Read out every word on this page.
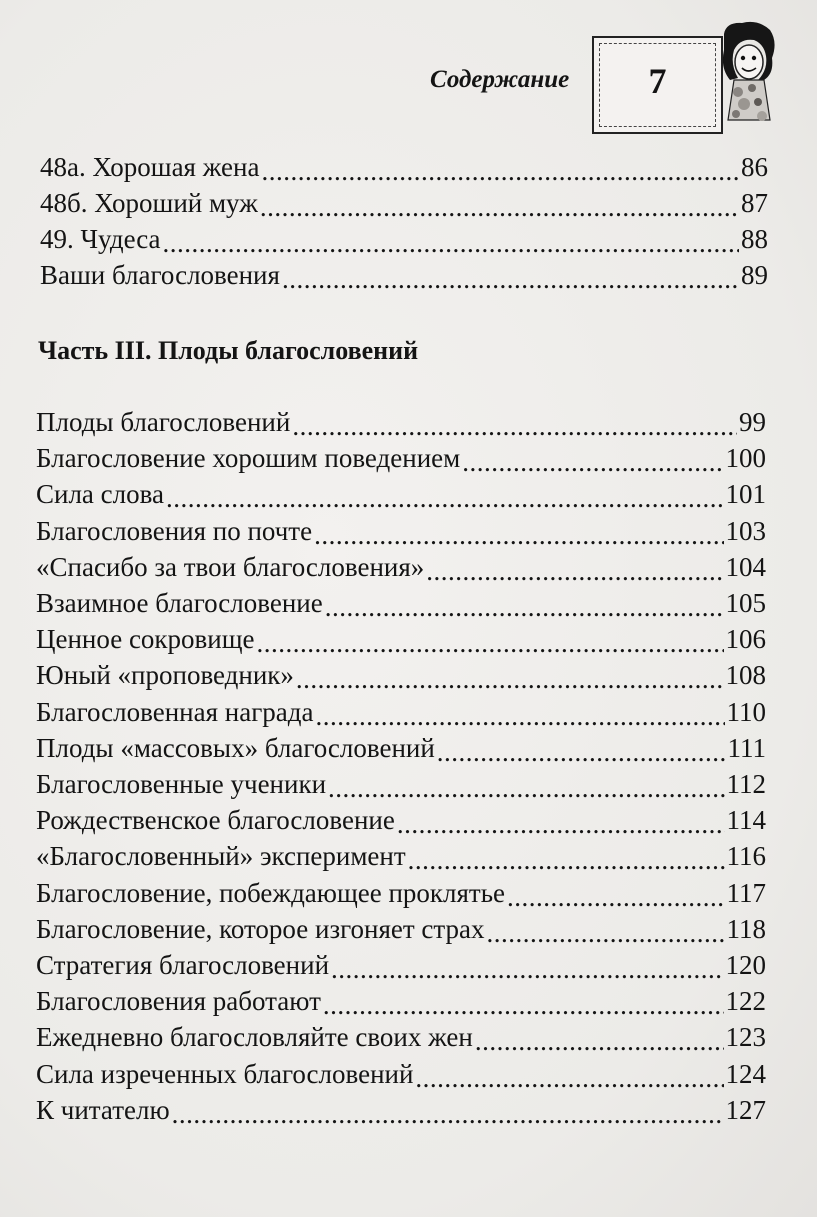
Содержание	7
48а. Хорошая жена .....	86
48б. Хороший муж .....	87
49. Чудеса .....	88
Ваши благословения .....	89
Плоды благословений .....	99
Благословение хорошим поведением .....	100
Сила слова .....	101
Благословения по почте .....	103
«Спасибо за твои благословения» .....	104
Взаимное благословение .....	105
Ценное сокровище .....	106
Юный «проповедник» .....	108
Благословенная награда .....	110
Плоды «массовых» благословений .....	111
Благословенные ученики .....	112
Рождественское благословение .....	114
«Благословенный» эксперимент .....	116
Благословение, побеждающее проклятье .....	117
Благословение, которое изгоняет страх .....	118
Стратегия благословений .....	120
Благословения работают .....	122
Ежедневно благословляйте своих жен .....	123
Сила изреченных благословений .....	124
К читателю .....	127
Часть III. Плоды благословений
